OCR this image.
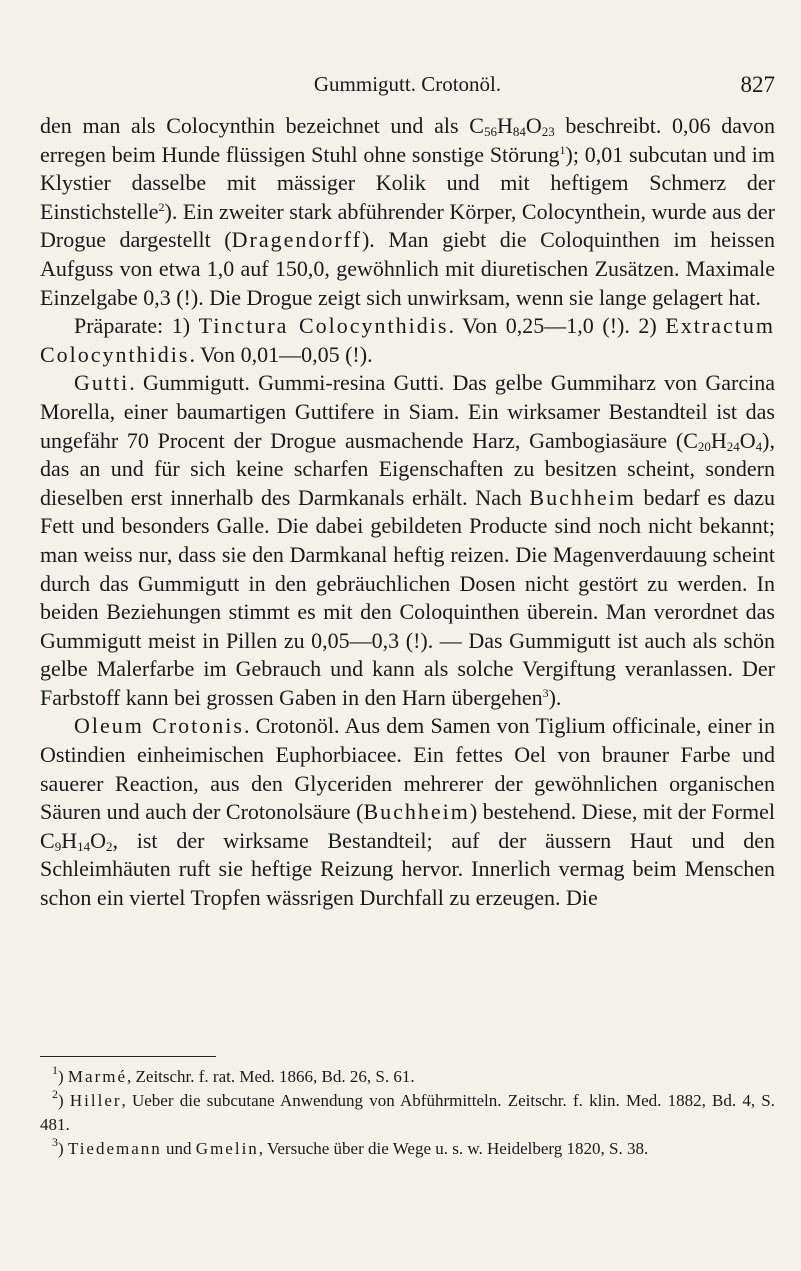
Gummigutt. Crotonöl.	827

den man als Colocynthin bezeichnet und als $C_{56}H_{84}O_{23}$ beschreibt. 0,06 davon erregen beim Hunde flüssigen Stuhl ohne sonstige Störung$^1$); 0,01 subcutan und im Klystier dasselbe mit mässiger Kolik und mit heftigem Schmerz der Einstichstelle$^2$). Ein zweiter stark abführender Körper, Colocynthein, wurde aus der Drogue dargestellt (Dragendorff). Man giebt die Coloquinthen im heissen Aufguss von etwa 1,0 auf 150,0, gewöhnlich mit diuretischen Zusätzen. Maximale Einzelgabe 0,3 (!). Die Drogue zeigt sich unwirksam, wenn sie lange gelagert hat.

Präparate: 1) Tinctura Colocynthidis. Von 0,25—1,0 (!). 2) Extractum Colocynthidis. Von 0,01—0,05 (!).

Gutti. Gummigutt. Gummi-resina Gutti. Das gelbe Gummiharz von Garcina Morella, einer baumartigen Guttifere in Siam. Ein wirksamer Bestandteil ist das ungefähr 70 Procent der Drogue ausmachende Harz, Gambogiasäure $(C_{20}H_{24}O_4)$, das an und für sich keine scharfen Eigenschaften zu besitzen scheint, sondern dieselben erst innerhalb des Darmkanals erhält. Nach Buchheim bedarf es dazu Fett und besonders Galle. Die dabei gebildeten Producte sind noch nicht bekannt; man weiss nur, dass sie den Darmkanal heftig reizen. Die Magenverdauung scheint durch das Gummigutt in den gebräuchlichen Dosen nicht gestört zu werden. In beiden Beziehungen stimmt es mit den Coloquinthen überein. Man verordnet das Gummigutt meist in Pillen zu 0,05—0,3 (!). — Das Gummigutt ist auch als schön gelbe Malerfarbe im Gebrauch und kann als solche Vergiftung veranlassen. Der Farbstoff kann bei grossen Gaben in den Harn übergehen$^3$).

Oleum Crotonis. Crotonöl. Aus dem Samen von Tiglium officinale, einer in Ostindien einheimischen Euphorbiacee. Ein fettes Oel von brauner Farbe und sauerer Reaction, aus den Glyceriden mehrerer der gewöhnlichen organischen Säuren und auch der Crotonolsäure (Buchheim) bestehend. Diese, mit der Formel $C_9H_{14}O_2$, ist der wirksame Bestandteil; auf der äussern Haut und den Schleimhäuten ruft sie heftige Reizung hervor. Innerlich vermag beim Menschen schon ein viertel Tropfen wässrigen Durchfall zu erzeugen. Die

$^1$) Marmé, Zeitschr. f. rat. Med. 1866, Bd. 26, S. 61.

$^2$) Hiller, Ueber die subcutane Anwendung von Abführmitteln. Zeitschr. f. klin. Med. 1882, Bd. 4, S. 481.

$^3$) Tiedemann und Gmelin, Versuche über die Wege u. s. w. Heidelberg 1820, S. 38.
